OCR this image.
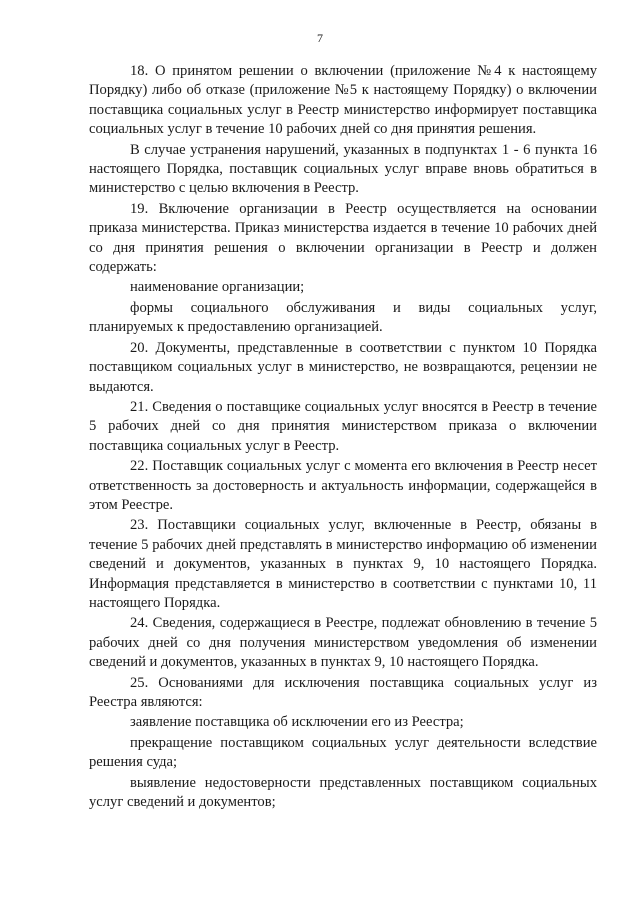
7

18. О принятом решении о включении (приложение №4 к настоящему Порядку) либо об отказе (приложение №5 к настоящему Порядку) о включении поставщика социальных услуг в Реестр министерство информирует поставщика социальных услуг в течение 10 рабочих дней со дня принятия решения.

В случае устранения нарушений, указанных в подпунктах 1 - 6 пункта 16 настоящего Порядка, поставщик социальных услуг вправе вновь обратиться в министерство с целью включения в Реестр.

19. Включение организации в Реестр осуществляется на основании приказа министерства. Приказ министерства издается в течение 10 рабочих дней со дня принятия решения о включении организации в Реестр и должен содержать:

наименование организации;

формы социального обслуживания и виды социальных услуг, планируемых к предоставлению организацией.

20. Документы, представленные в соответствии с пунктом 10 Порядка поставщиком социальных услуг в министерство, не возвращаются, рецензии не выдаются.

21. Сведения о поставщике социальных услуг вносятся в Реестр в течение 5 рабочих дней со дня принятия министерством приказа о включении поставщика социальных услуг в Реестр.

22. Поставщик социальных услуг с момента его включения в Реестр несет ответственность за достоверность и актуальность информации, содержащейся в этом Реестре.

23. Поставщики социальных услуг, включенные в Реестр, обязаны в течение 5 рабочих дней представлять в министерство информацию об изменении сведений и документов, указанных в пунктах 9, 10 настоящего Порядка. Информация представляется в министерство в соответствии с пунктами 10, 11 настоящего Порядка.

24. Сведения, содержащиеся в Реестре, подлежат обновлению в течение 5 рабочих дней со дня получения министерством уведомления об изменении сведений и документов, указанных в пунктах 9, 10 настоящего Порядка.

25. Основаниями для исключения поставщика социальных услуг из Реестра являются:

заявление поставщика об исключении его из Реестра;

прекращение поставщиком социальных услуг деятельности вследствие решения суда;

выявление недостоверности представленных поставщиком социальных услуг сведений и документов;
